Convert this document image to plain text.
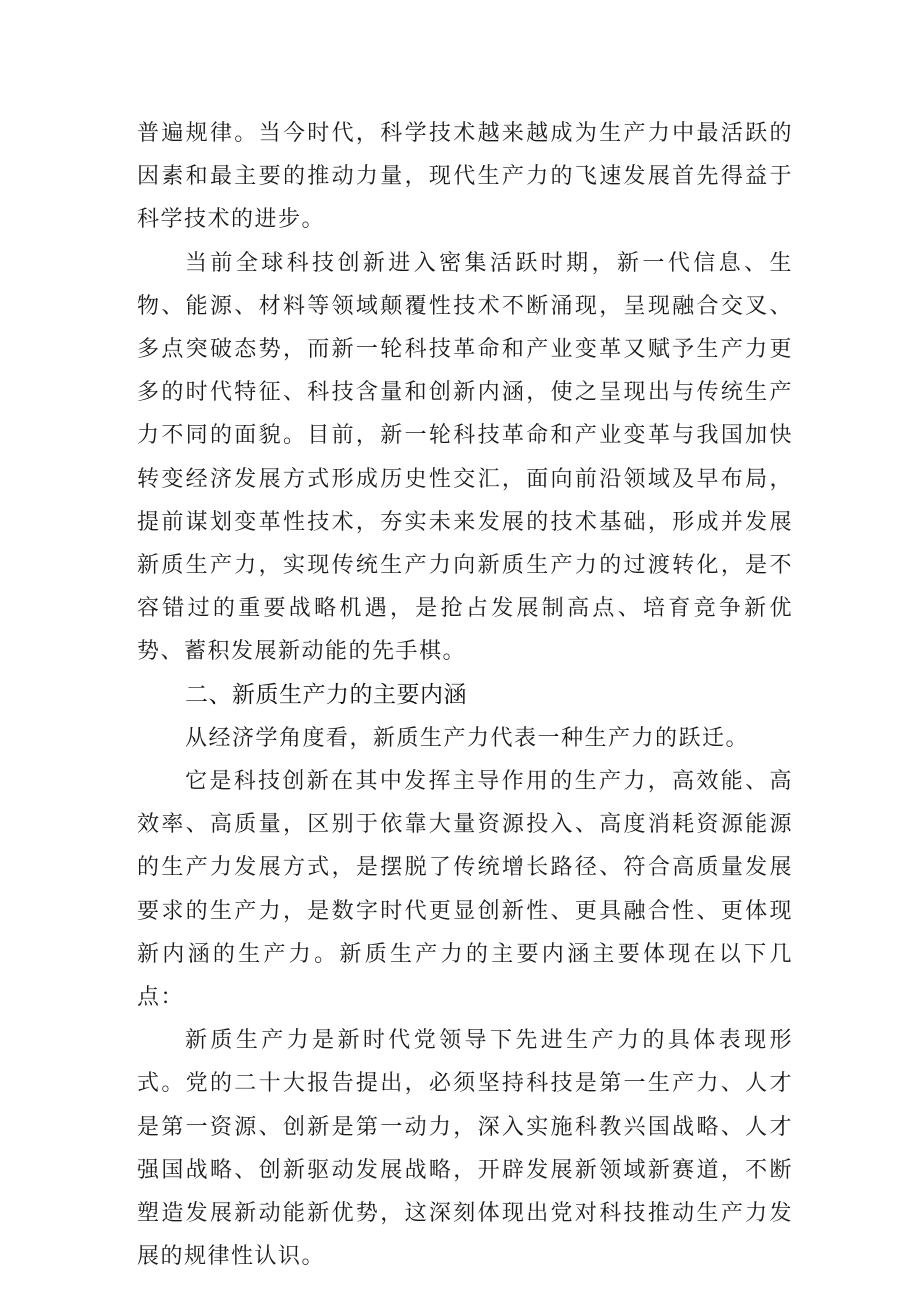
普遍规律。当今时代，科学技术越来越成为生产力中最活跃的因素和最主要的推动力量，现代生产力的飞速发展首先得益于科学技术的进步。

当前全球科技创新进入密集活跃时期，新一代信息、生物、能源、材料等领域颠覆性技术不断涌现，呈现融合交叉、多点突破态势，而新一轮科技革命和产业变革又赋予生产力更多的时代特征、科技含量和创新内涵，使之呈现出与传统生产力不同的面貌。目前，新一轮科技革命和产业变革与我国加快转变经济发展方式形成历史性交汇，面向前沿领域及早布局，提前谋划变革性技术，夯实未来发展的技术基础，形成并发展新质生产力，实现传统生产力向新质生产力的过渡转化，是不容错过的重要战略机遇，是抢占发展制高点、培育竞争新优势、蓄积发展新动能的先手棋。

二、新质生产力的主要内涵

从经济学角度看，新质生产力代表一种生产力的跃迁。

它是科技创新在其中发挥主导作用的生产力，高效能、高效率、高质量，区别于依靠大量资源投入、高度消耗资源能源的生产力发展方式，是摆脱了传统增长路径、符合高质量发展要求的生产力，是数字时代更显创新性、更具融合性、更体现新内涵的生产力。新质生产力的主要内涵主要体现在以下几点：

新质生产力是新时代党领导下先进生产力的具体表现形式。党的二十大报告提出，必须坚持科技是第一生产力、人才是第一资源、创新是第一动力，深入实施科教兴国战略、人才强国战略、创新驱动发展战略，开辟发展新领域新赛道，不断塑造发展新动能新优势，这深刻体现出党对科技推动生产力发展的规律性认识。
